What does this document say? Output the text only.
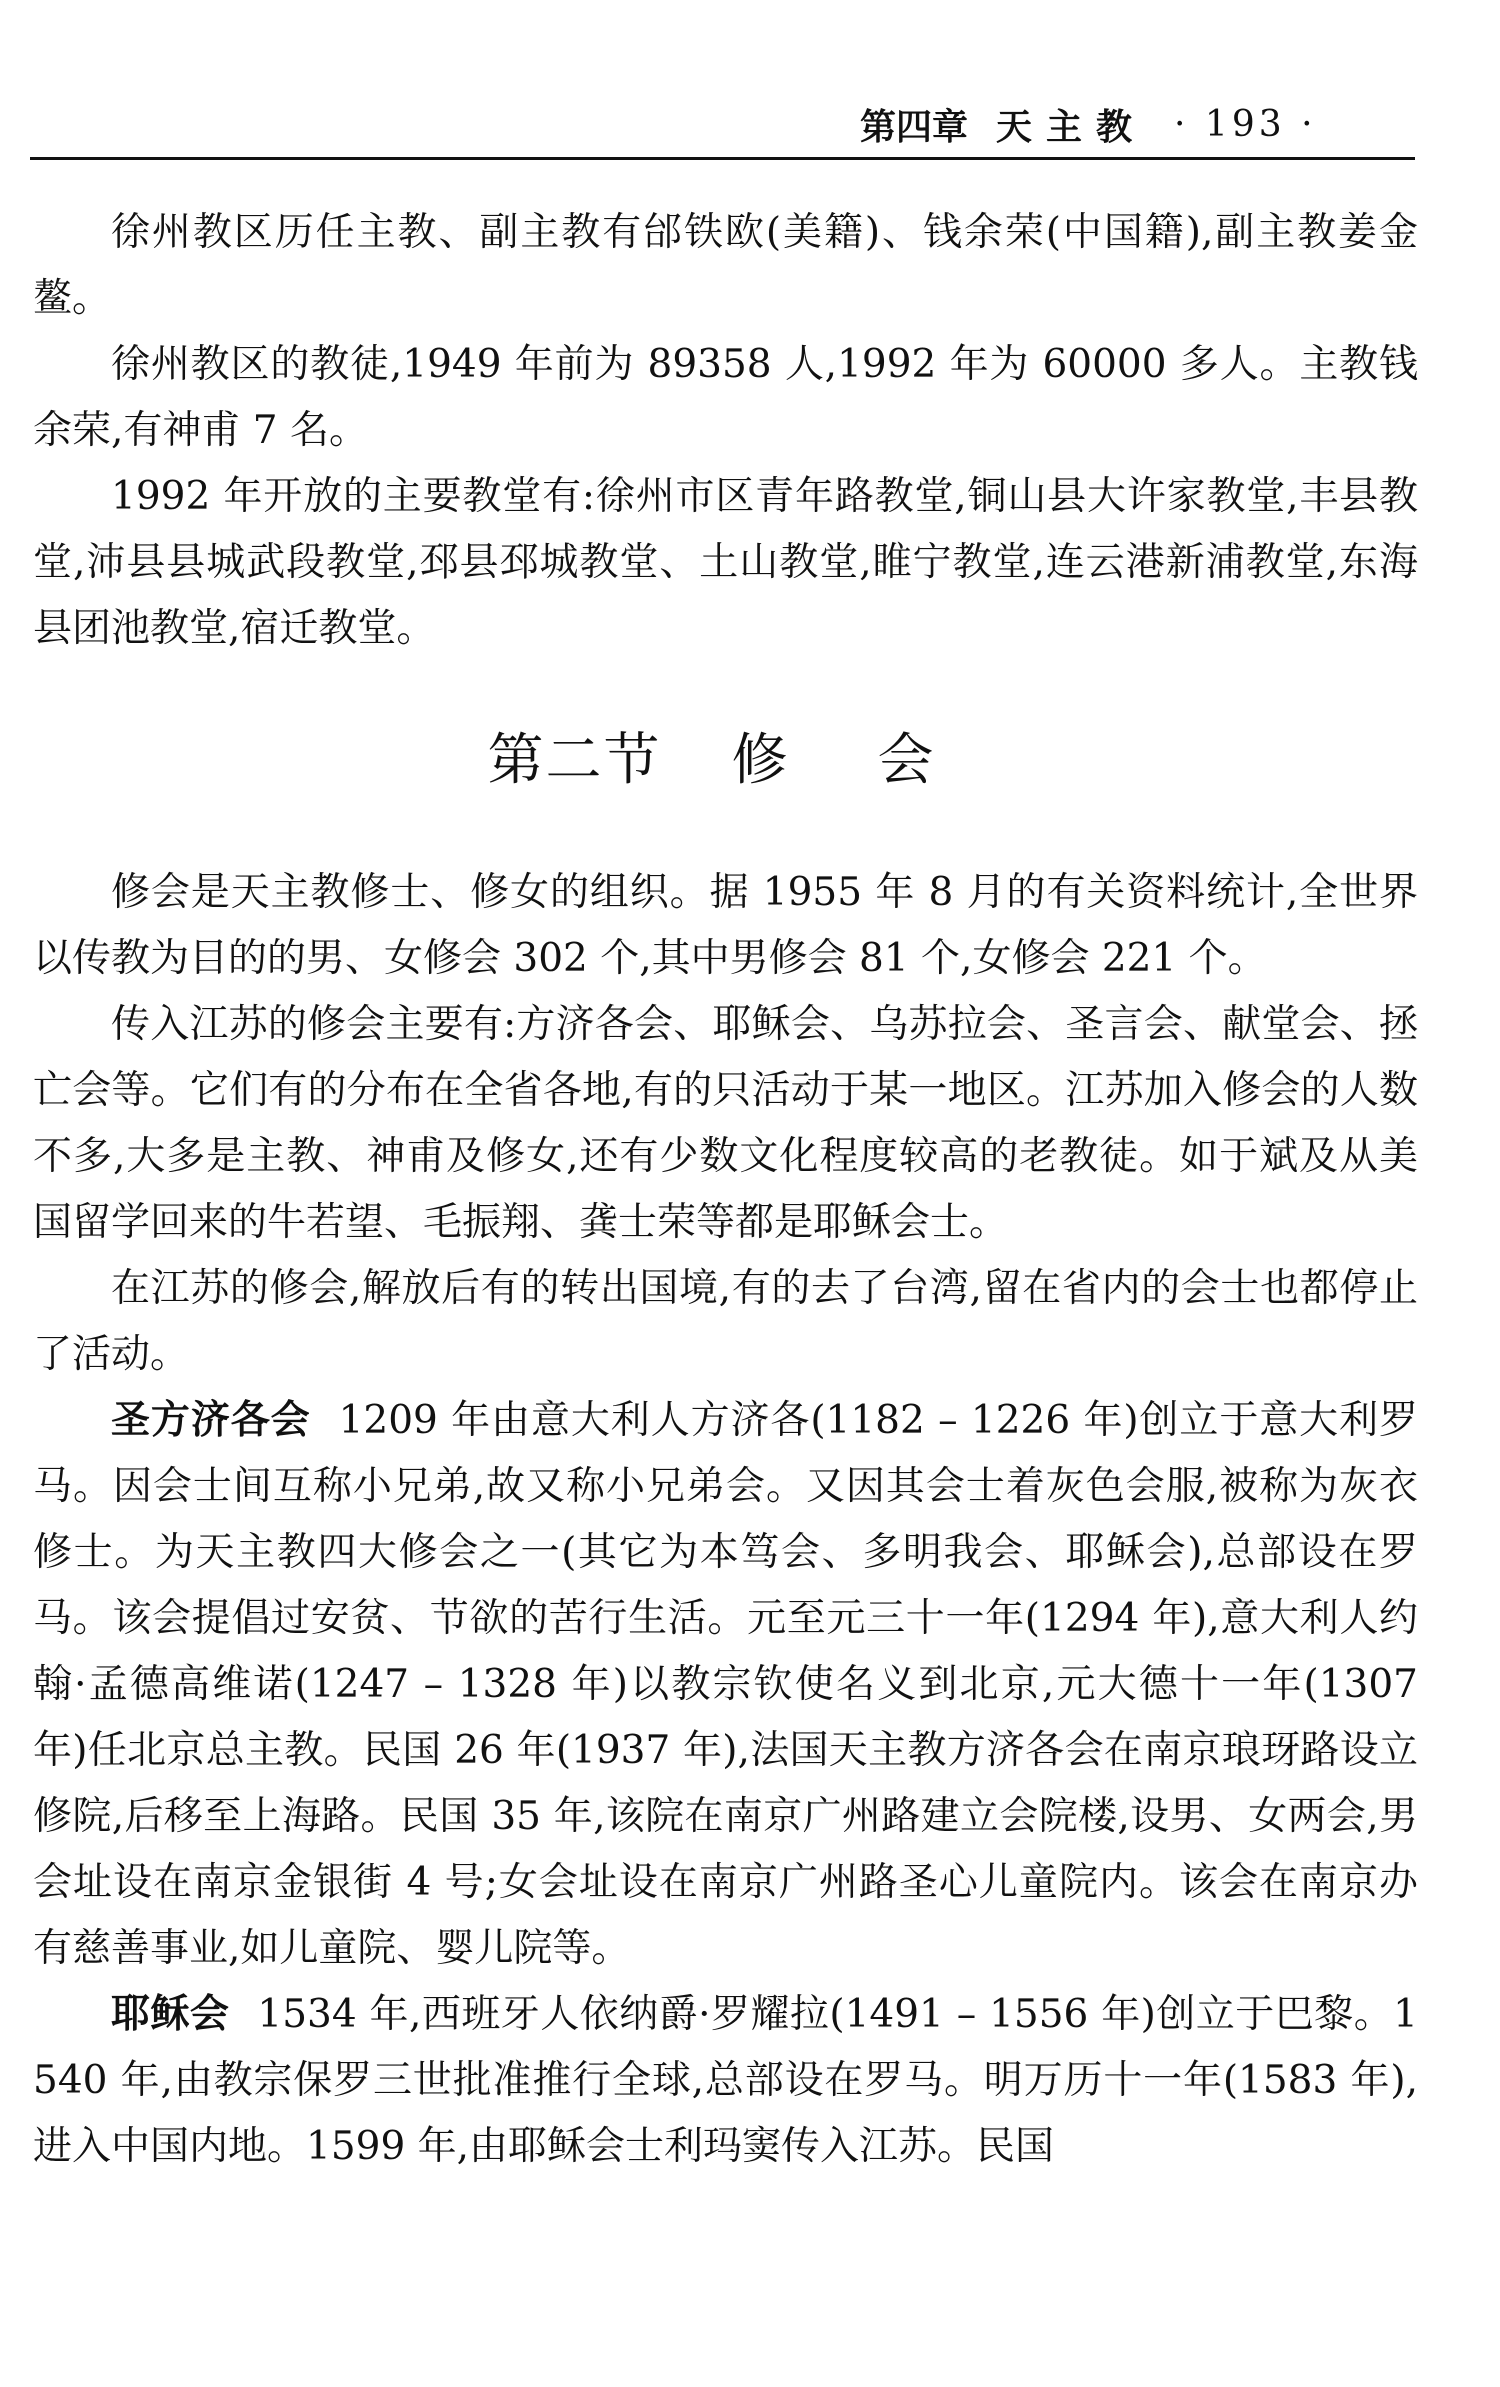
第四章 天主教 · 193 ·

徐州教区历任主教、副主教有邰铁欧(美籍)、钱余荣(中国籍),副主教姜金鳌。

徐州教区的教徒,1949 年前为 89358 人,1992 年为 60000 多人。主教钱余荣,有神甫 7 名。

1992 年开放的主要教堂有:徐州市区青年路教堂,铜山县大许家教堂,丰县教堂,沛县县城武段教堂,邳县邳城教堂、土山教堂,睢宁教堂,连云港新浦教堂,东海县团池教堂,宿迁教堂。

第二节 修会

修会是天主教修士、修女的组织。据 1955 年 8 月的有关资料统计,全世界以传教为目的的男、女修会 302 个,其中男修会 81 个,女修会 221 个。

传入江苏的修会主要有:方济各会、耶稣会、乌苏拉会、圣言会、献堂会、拯亡会等。它们有的分布在全省各地,有的只活动于某一地区。江苏加入修会的人数不多,大多是主教、神甫及修女,还有少数文化程度较高的老教徒。如于斌及从美国留学回来的牛若望、毛振翔、龚士荣等都是耶稣会士。

在江苏的修会,解放后有的转出国境,有的去了台湾,留在省内的会士也都停止了活动。

圣方济各会 1209 年由意大利人方济各(1182 – 1226 年)创立于意大利罗马。因会士间互称小兄弟,故又称小兄弟会。又因其会士着灰色会服,被称为灰衣修士。为天主教四大修会之一(其它为本笃会、多明我会、耶稣会),总部设在罗马。该会提倡过安贫、节欲的苦行生活。元至元三十一年(1294 年),意大利人约翰·孟德高维诺(1247 – 1328 年)以教宗钦使名义到北京,元大德十一年(1307 年)任北京总主教。民国 26 年(1937 年),法国天主教方济各会在南京琅玡路设立修院,后移至上海路。民国 35 年,该院在南京广州路建立会院楼,设男、女两会,男会址设在南京金银街 4 号;女会址设在南京广州路圣心儿童院内。该会在南京办有慈善事业,如儿童院、婴儿院等。

耶稣会 1534 年,西班牙人依纳爵·罗耀拉(1491 – 1556 年)创立于巴黎。1540 年,由教宗保罗三世批准推行全球,总部设在罗马。明万历十一年(1583 年),进入中国内地。1599 年,由耶稣会士利玛窦传入江苏。民国
